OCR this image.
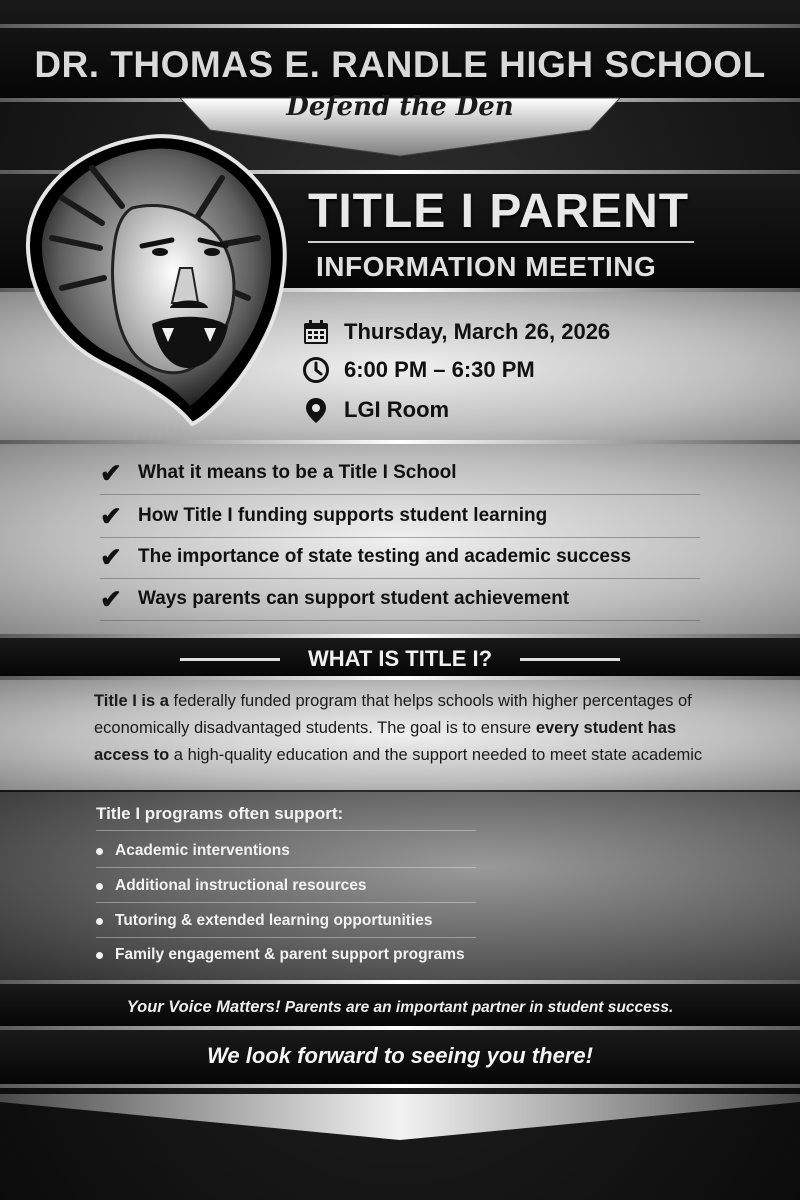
DR. THOMAS E. RANDLE HIGH SCHOOL
Defend the Den
TITLE I PARENT
INFORMATION MEETING
Thursday, March 26, 2026
6:00 PM – 6:30 PM
LGI Room
✔ What it means to be a Title I School
✔ How Title I funding supports student learning
✔ The importance of state testing and academic success
✔ Ways parents can support student achievement
WHAT IS TITLE I?
Title I is a federally funded program that helps schools with higher percentages of economically disadvantaged students. The goal is to ensure every student has access to a high-quality education and the support needed to meet state academic
Title I programs often support:
Academic interventions
Additional instructional resources
Tutoring & extended learning opportunities
Family engagement & parent support programs
Your Voice Matters! Parents are an important partner in student success.
We look forward to seeing you there!
